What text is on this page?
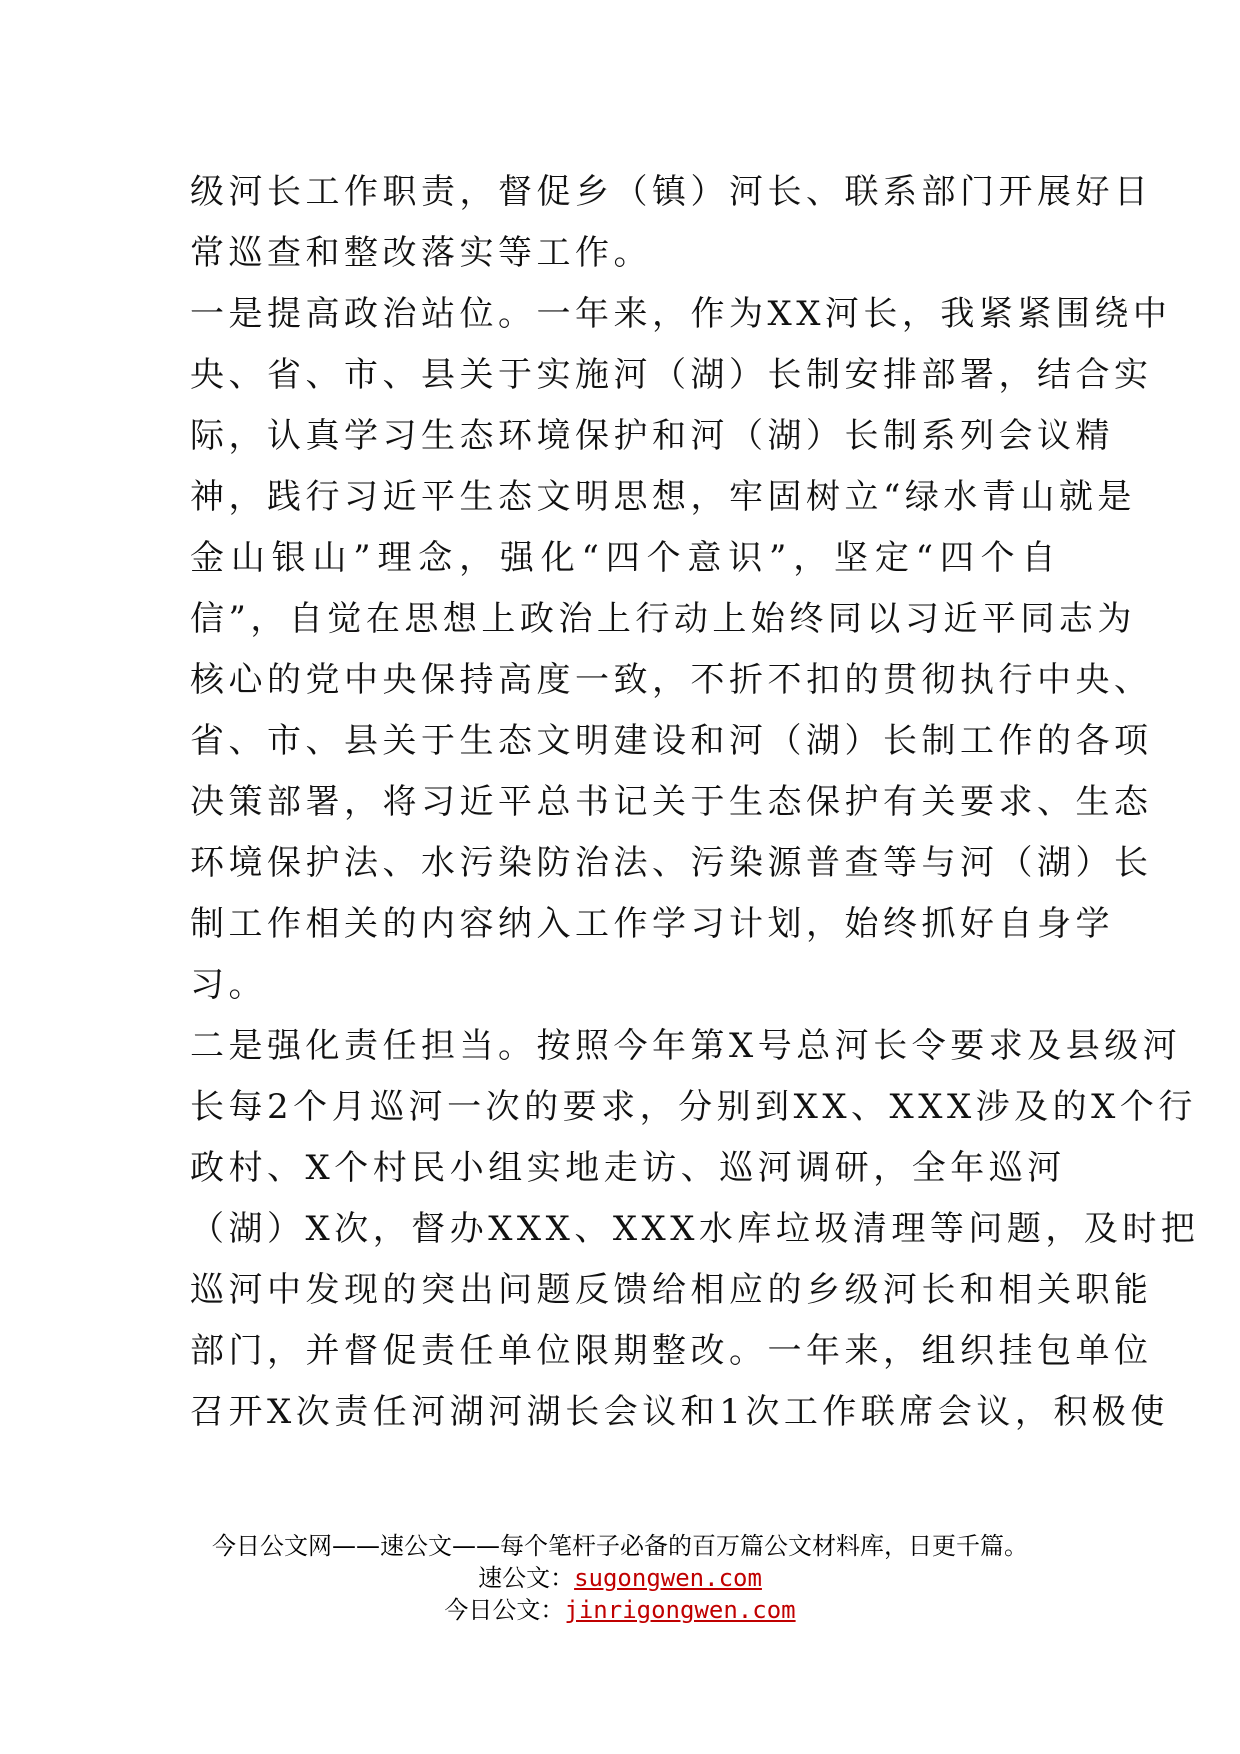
级河长工作职责，督促乡（镇）河长、联系部门开展好日
常巡查和整改落实等工作。
一是提高政治站位。一年来，作为XX河长，我紧紧围绕中
央、省、市、县关于实施河（湖）长制安排部署，结合实
际，认真学习生态环境保护和河（湖）长制系列会议精
神，践行习近平生态文明思想，牢固树立“绿水青山就是
金山银山”理念，强化“四个意识”，坚定“四个自
信”，自觉在思想上政治上行动上始终同以习近平同志为
核心的党中央保持高度一致，不折不扣的贯彻执行中央、
省、市、县关于生态文明建设和河（湖）长制工作的各项
决策部署，将习近平总书记关于生态保护有关要求、生态
环境保护法、水污染防治法、污染源普查等与河（湖）长
制工作相关的内容纳入工作学习计划，始终抓好自身学
习。
二是强化责任担当。按照今年第X号总河长令要求及县级河
长每2个月巡河一次的要求，分别到XX、XXX涉及的X个行
政村、X个村民小组实地走访、巡河调研，全年巡河
（湖）X次，督办XXX、XXX水库垃圾清理等问题，及时把
巡河中发现的突出问题反馈给相应的乡级河长和相关职能
部门，并督促责任单位限期整改。一年来，组织挂包单位
召开X次责任河湖河湖长会议和1次工作联席会议，积极使
今日公文网——速公文——每个笔杆子必备的百万篇公文材料库，日更千篇。
速公文：sugongwen.com
今日公文：jinrigongwen.com
